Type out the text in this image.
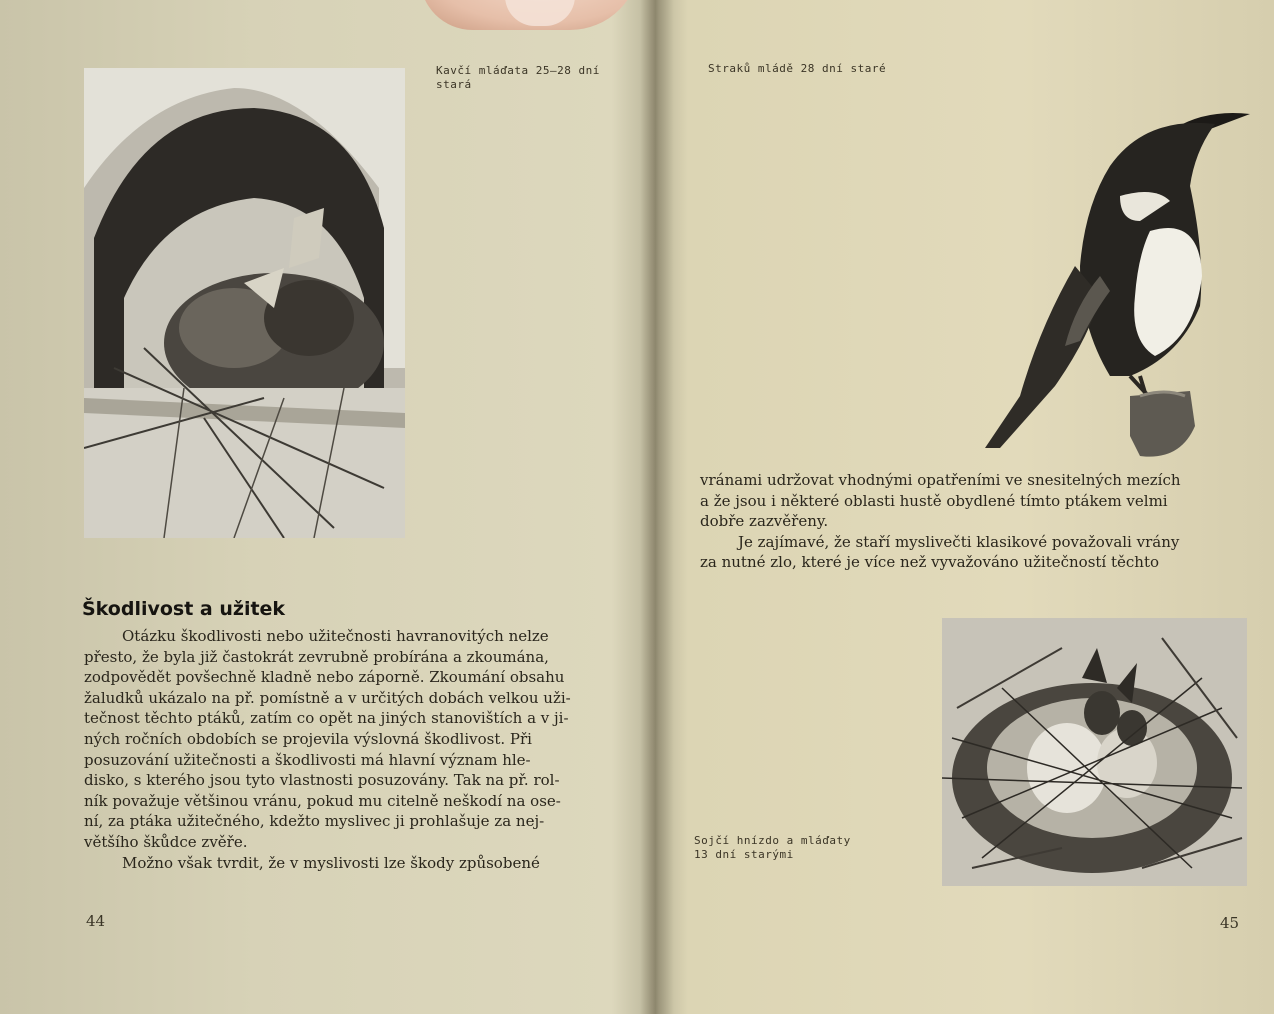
Kavčí mláďata 25—28 dní stará
Škodlivost a užitek
Otázku škodlivosti nebo užitečnosti havranovitých nelze
přesto, že byla již častokrát zevrubně probírána a zkoumána,
zodpovědět povšechně kladně nebo záporně. Zkoumání obsahu
žaludků ukázalo na př. pomístně a v určitých dobách velkou uži-
tečnost těchto ptáků, zatím co opět na jiných stanovištích a v ji-
ných ročních obdobích se projevila výslovná škodlivost. Při
posuzování užitečnosti a škodlivosti má hlavní význam hle-
disko, s kterého jsou tyto vlastnosti posuzovány. Tak na př. rol-
ník považuje většinou vránu, pokud mu citelně neškodí na ose-
ní, za ptáka užitečného, kdežto myslivec ji prohlašuje za nej-
většího škůdce zvěře.
Možno však tvrdit, že v myslivosti lze škody způsobené
44
Straků mládě 28 dní staré
vránami udržovat vhodnými opatřeními ve snesitelných mezích
a že jsou i některé oblasti hustě obydlené tímto ptákem velmi
dobře zazvěřeny.
Je zajímavé, že staří myslivečti klasikové považovali vrány
za nutné zlo, které je více než vyvažováno užitečností těchto
Sojčí hnízdo a mláďaty 13 dní starými
45
